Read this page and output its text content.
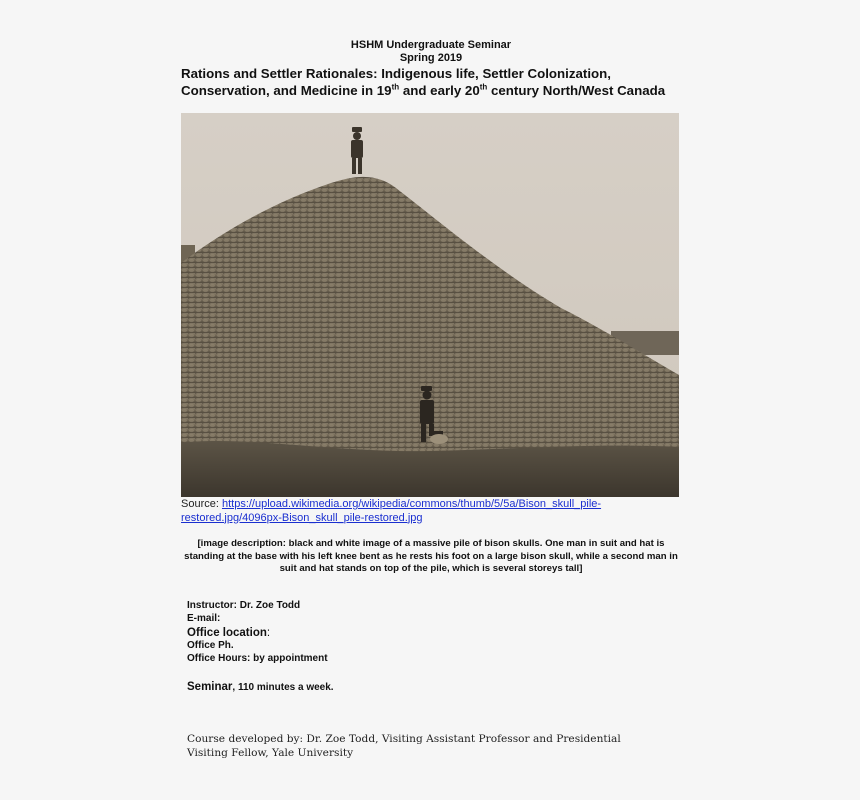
HSHM Undergraduate Seminar
Spring 2019
Rations and Settler Rationales: Indigenous life, Settler Colonization, Conservation, and Medicine in 19th and early 20th century North/West Canada
Source: https://upload.wikimedia.org/wikipedia/commons/thumb/5/5a/Bison_skull_pile-restored.jpg/4096px-Bison_skull_pile-restored.jpg
[image description: black and white image of a massive pile of bison skulls. One man in suit and hat is standing at the base with his left knee bent as he rests his foot on a large bison skull, while a second man in suit and hat stands on top of the pile, which is several storeys tall]
Instructor: Dr. Zoe Todd
E-mail:
Office location:
Office Ph.
Office Hours: by appointment
Seminar, 110 minutes a week.
Course developed by: Dr. Zoe Todd, Visiting Assistant Professor and Presidential Visiting Fellow, Yale University
